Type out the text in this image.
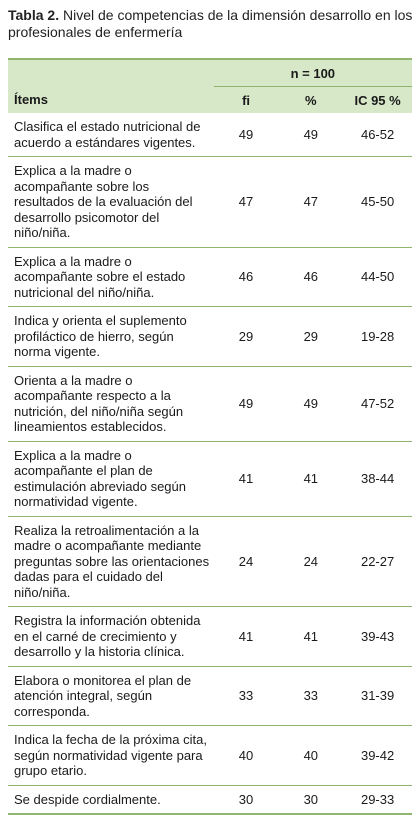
Tabla 2. Nivel de competencias de la dimensión desarrollo en los profesionales de enfermería
	n = 100		
Ítems	fi	%	IC 95 %
Clasifica el estado nutricional de acuerdo a estándares vigentes.	49	49	46-52
Explica a la madre o acompañante sobre los resultados de la evaluación del desarrollo psicomotor del niño/niña.	47	47	45-50
Explica a la madre o acompañante sobre el estado nutricional del niño/niña.	46	46	44-50
Indica y orienta el suplemento profiláctico de hierro, según norma vigente.	29	29	19-28
Orienta a la madre o acompañante respecto a la nutrición, del niño/niña según lineamientos establecidos.	49	49	47-52
Explica a la madre o acompañante el plan de estimulación abreviado según normatividad vigente.	41	41	38-44
Realiza la retroalimentación a la madre o acompañante mediante preguntas sobre las orientaciones dadas para el cuidado del niño/niña.	24	24	22-27
Registra la información obtenida en el carné de crecimiento y desarrollo y la historia clínica.	41	41	39-43
Elabora o monitorea el plan de atención integral, según corresponda.	33	33	31-39
Indica la fecha de la próxima cita, según normatividad vigente para grupo etario.	40	40	39-42
Se despide cordialmente.	30	30	29-33
